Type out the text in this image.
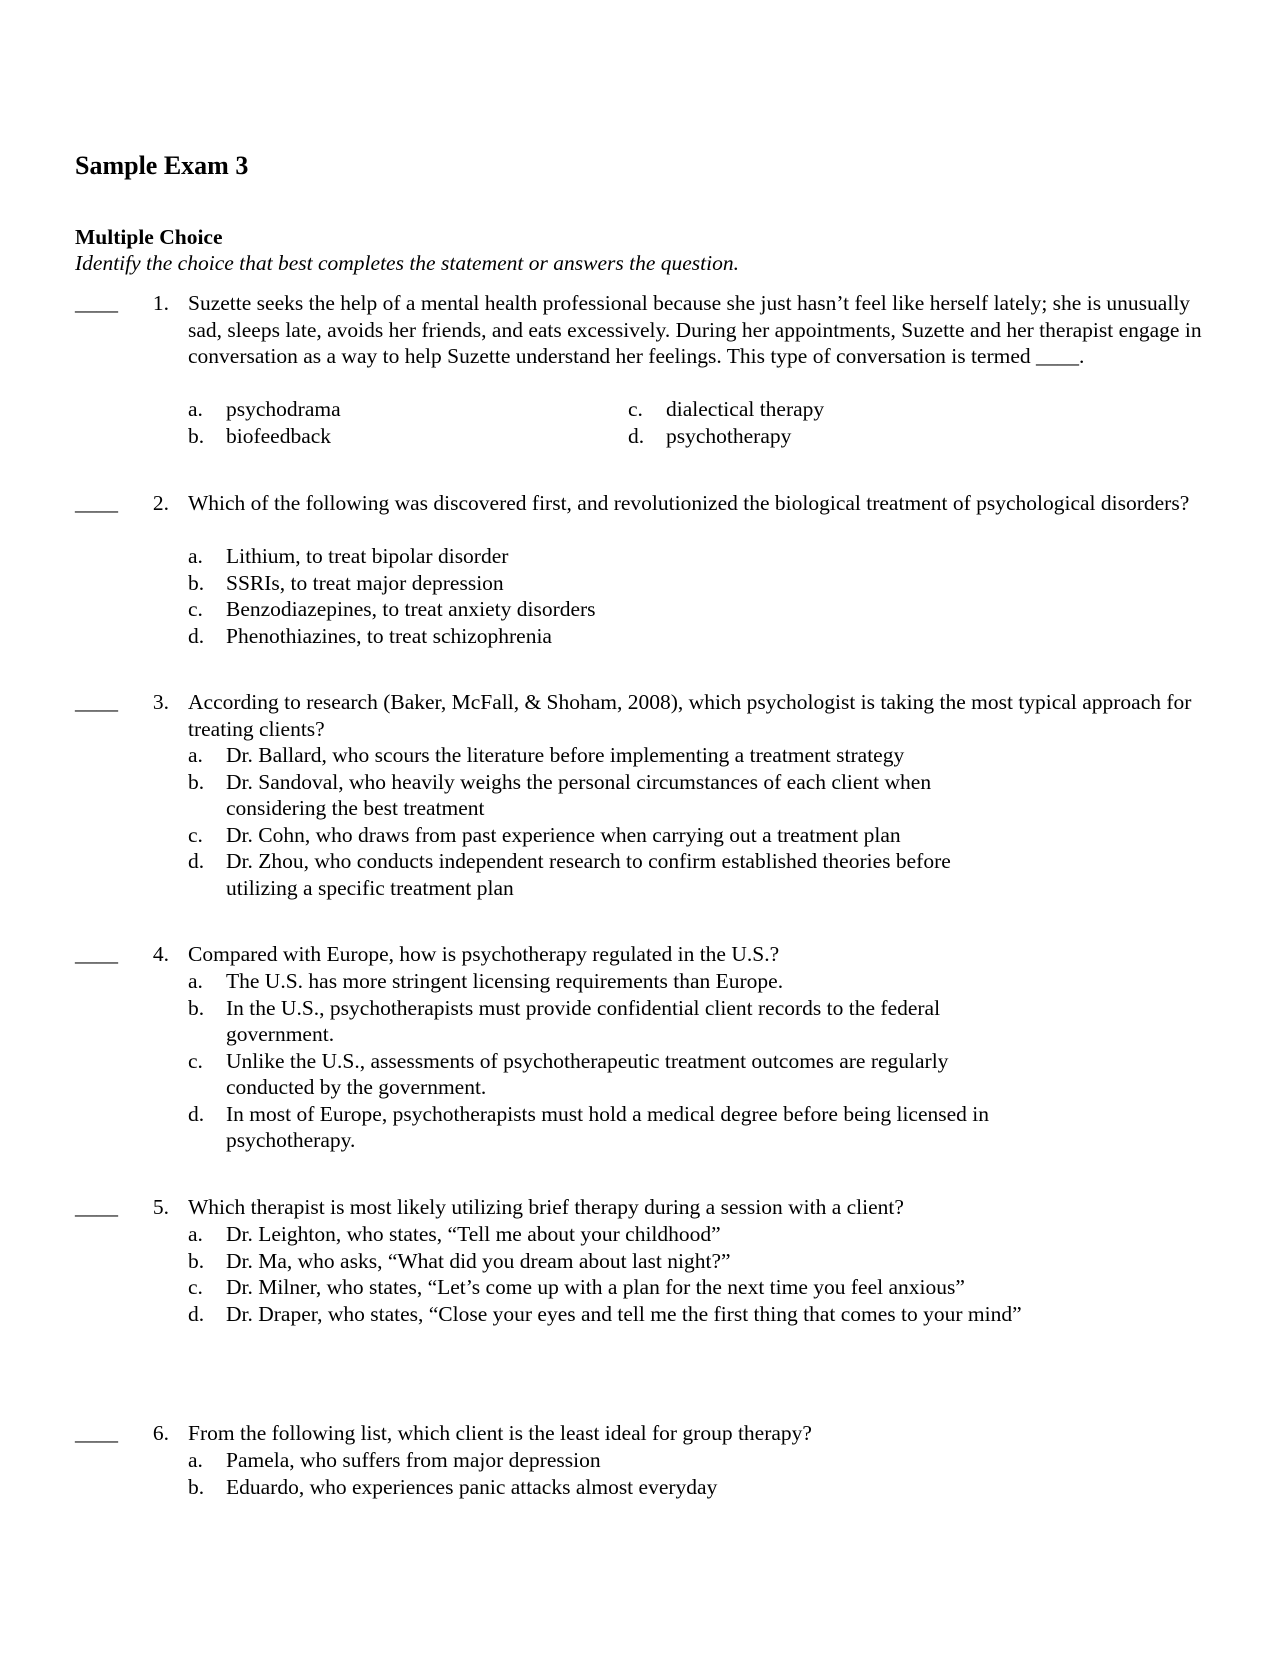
Sample Exam 3
Multiple Choice
Identify the choice that best completes the statement or answers the question.
____	1. Suzette seeks the help of a mental health professional because she just hasn’t feel like herself lately; she is unusually sad, sleeps late, avoids her friends, and eats excessively. During her appointments, Suzette and her therapist engage in conversation as a way to help Suzette understand her feelings. This type of conversation is termed ____.
a. psychodrama	c. dialectical therapy
b. biofeedback	d. psychotherapy
____	2. Which of the following was discovered first, and revolutionized the biological treatment of psychological disorders?
a. Lithium, to treat bipolar disorder
b. SSRIs, to treat major depression
c. Benzodiazepines, to treat anxiety disorders
d. Phenothiazines, to treat schizophrenia
____	3. According to research (Baker, McFall, & Shoham, 2008), which psychologist is taking the most typical approach for treating clients?
a. Dr. Ballard, who scours the literature before implementing a treatment strategy
b. Dr. Sandoval, who heavily weighs the personal circumstances of each client when considering the best treatment
c. Dr. Cohn, who draws from past experience when carrying out a treatment plan
d. Dr. Zhou, who conducts independent research to confirm established theories before utilizing a specific treatment plan
____	4. Compared with Europe, how is psychotherapy regulated in the U.S.?
a. The U.S. has more stringent licensing requirements than Europe.
b. In the U.S., psychotherapists must provide confidential client records to the federal government.
c. Unlike the U.S., assessments of psychotherapeutic treatment outcomes are regularly conducted by the government.
d. In most of Europe, psychotherapists must hold a medical degree before being licensed in psychotherapy.
____	5. Which therapist is most likely utilizing brief therapy during a session with a client?
a. Dr. Leighton, who states, “Tell me about your childhood”
b. Dr. Ma, who asks, “What did you dream about last night?”
c. Dr. Milner, who states, “Let’s come up with a plan for the next time you feel anxious”
d. Dr. Draper, who states, “Close your eyes and tell me the first thing that comes to your mind”
____	6. From the following list, which client is the least ideal for group therapy?
a. Pamela, who suffers from major depression
b. Eduardo, who experiences panic attacks almost everyday
